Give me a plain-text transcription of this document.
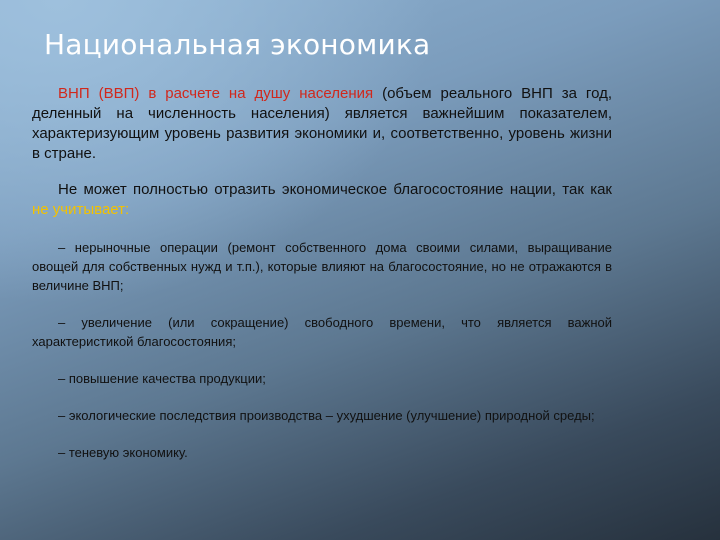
Национальная экономика

ВНП (ВВП) в расчете на душу населения (объем реального ВНП за год, деленный на численность населения) является важнейшим показателем, характеризующим уровень развития экономики и, соответственно, уровень жизни в стране.

Не может полностью отразить экономическое благосостояние нации, так как не учитывает:

– нерыночные операции (ремонт собственного дома своими силами, выращивание овощей для собственных нужд и т.п.), которые влияют на благосостояние, но не отражаются в величине ВНП;
– увеличение (или сокращение) свободного времени, что является важной характеристикой благосостояния;
– повышение качества продукции;
– экологические последствия производства – ухудшение (улучшение) природной среды;
– теневую экономику.
